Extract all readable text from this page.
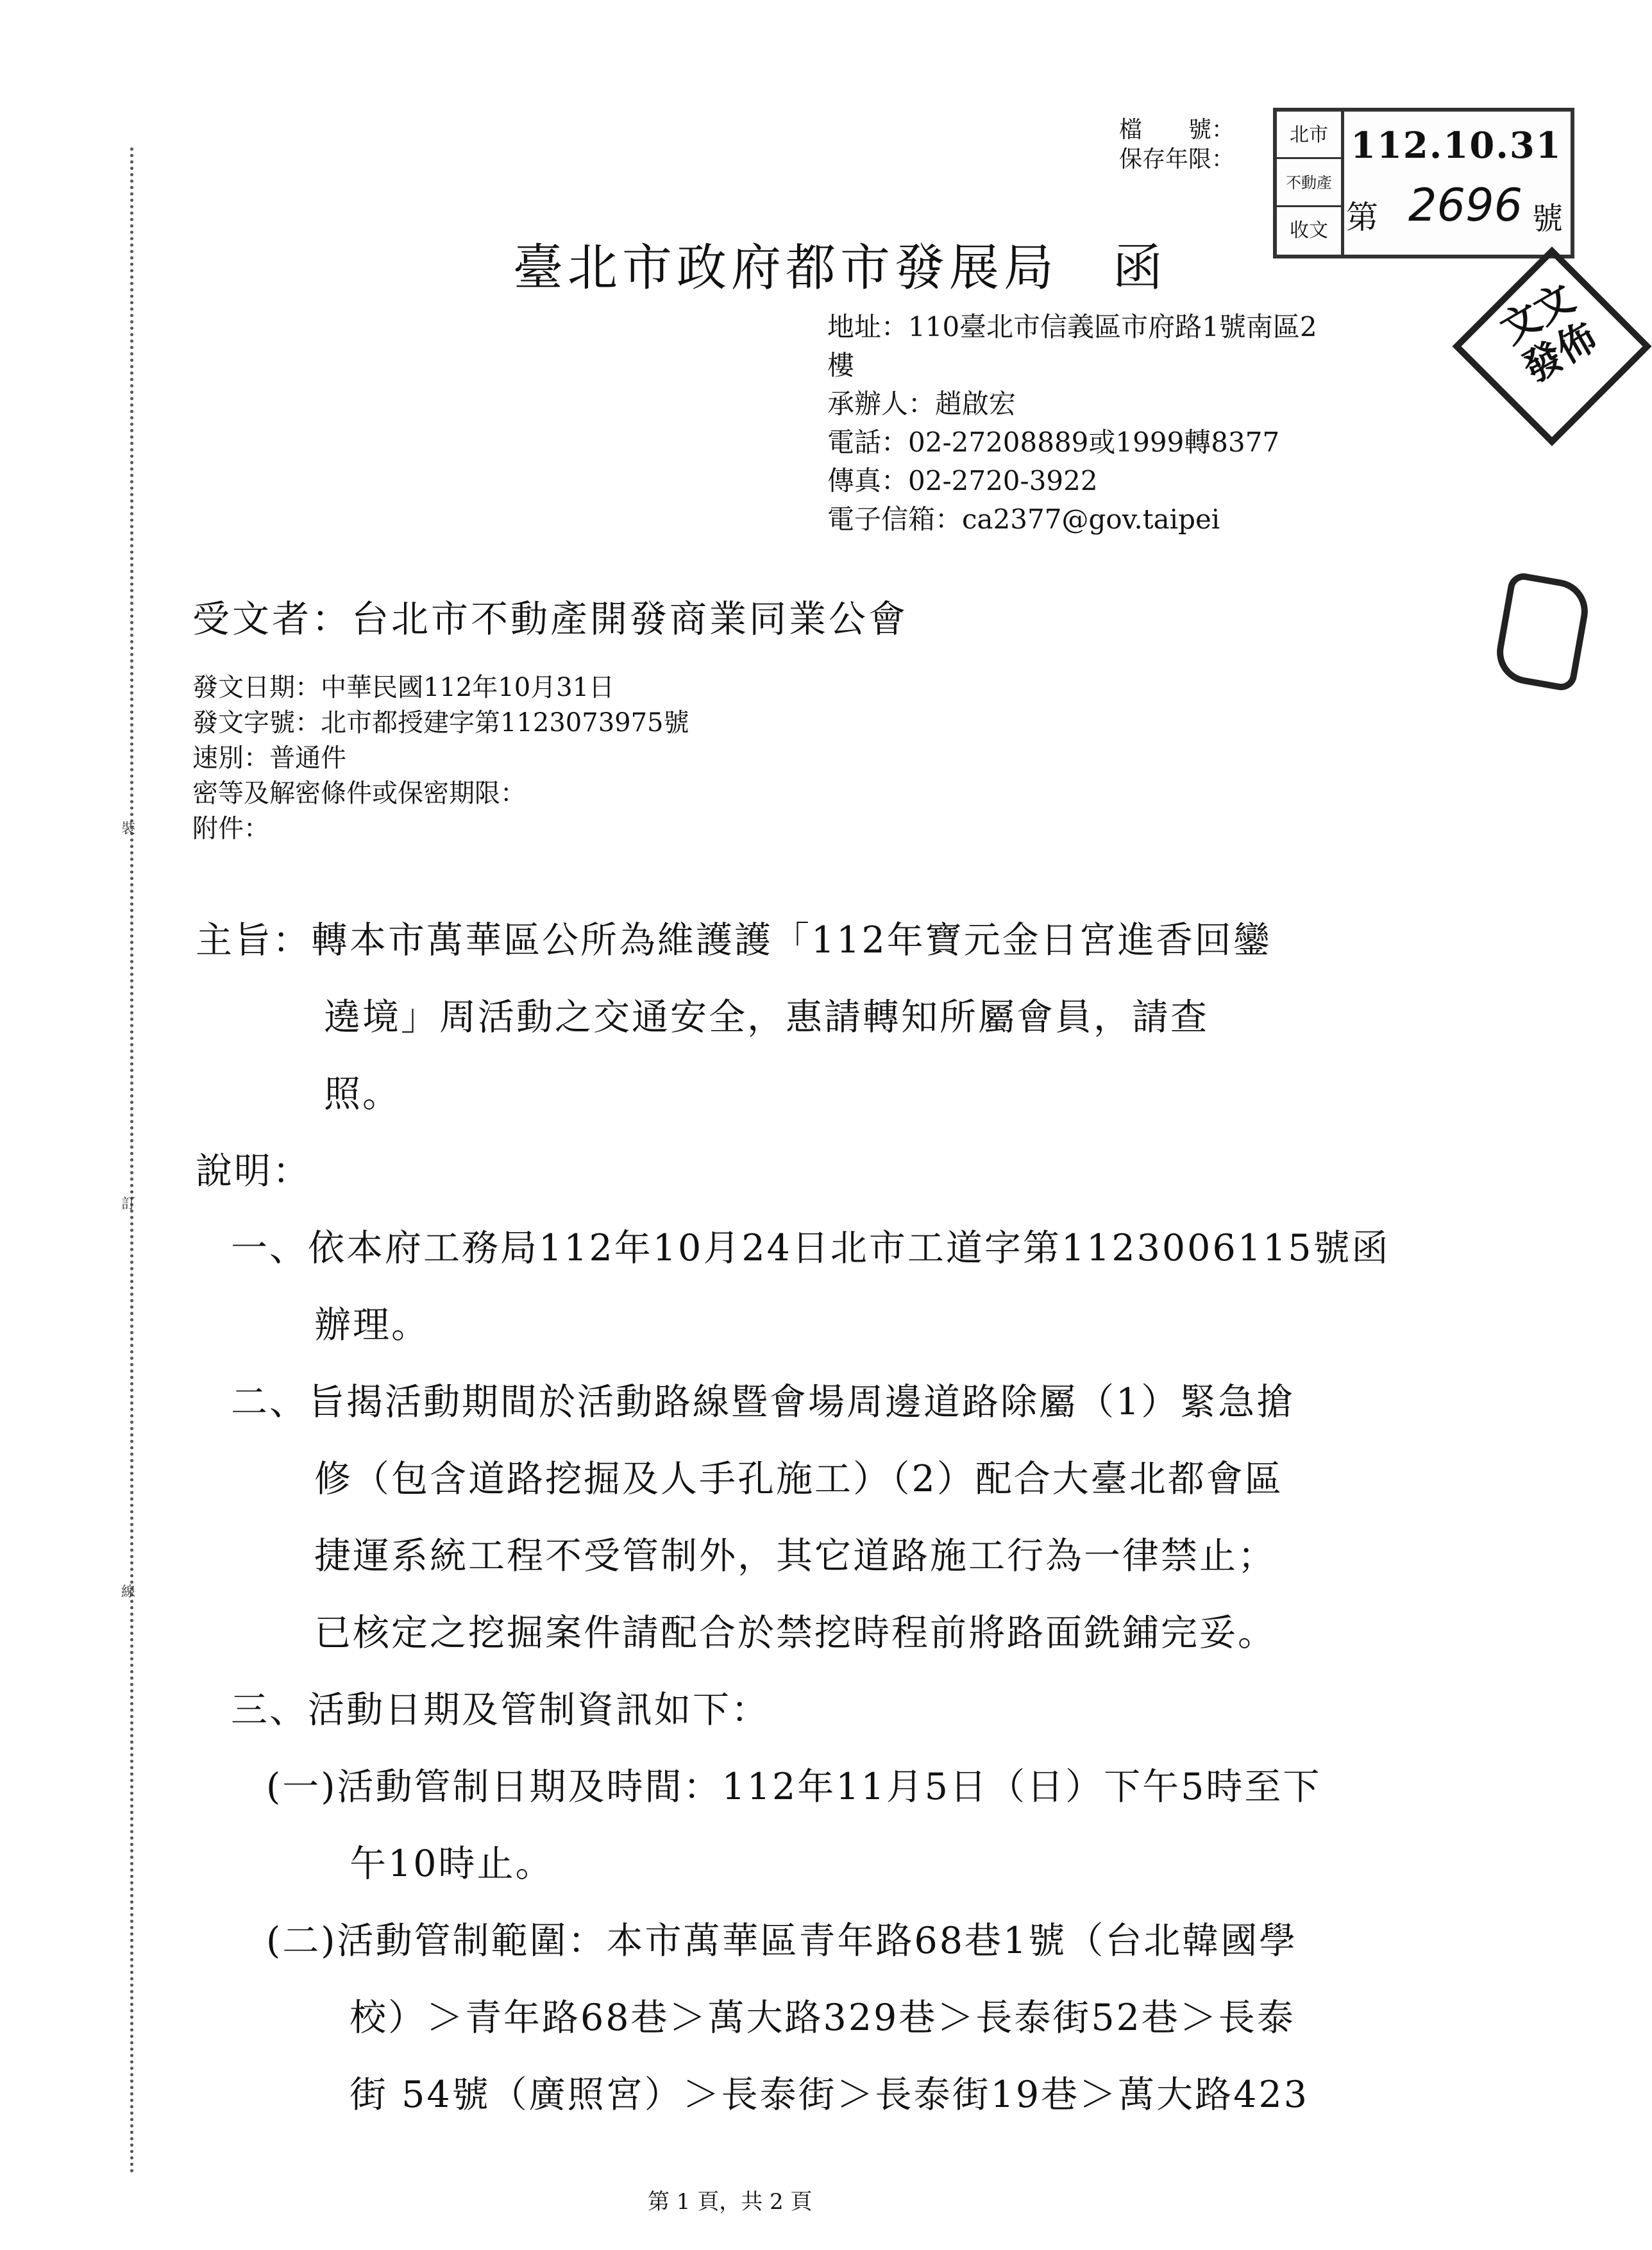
裝
訂
線
檔　　號：
保存年限：
北市
不動產
收文
112.10.31
第 2696 號
文文
發佈
臺北市政府都市發展局　函
地址：110臺北市信義區市府路1號南區2
樓
承辦人：趙啟宏
電話：02-27208889或1999轉8377
傳真：02-2720-3922
電子信箱：ca2377@gov.taipei
受文者：台北市不動產開發商業同業公會
發文日期：中華民國112年10月31日
發文字號：北市都授建字第1123073975號
速別：普通件
密等及解密條件或保密期限：
附件：
主旨：轉本市萬華區公所為維護護「112年寶元金日宮進香回鑾
遶境」周活動之交通安全，惠請轉知所屬會員，請查
照。
說明：
一、依本府工務局112年10月24日北市工道字第1123006115號函
辦理。
二、旨揭活動期間於活動路線暨會場周邊道路除屬（1）緊急搶
修（包含道路挖掘及人手孔施工）（2）配合大臺北都會區
捷運系統工程不受管制外，其它道路施工行為一律禁止；
已核定之挖掘案件請配合於禁挖時程前將路面銑鋪完妥。
三、活動日期及管制資訊如下：
(一)活動管制日期及時間：112年11月5日（日）下午5時至下
午10時止。
(二)活動管制範圍：本市萬華區青年路68巷1號（台北韓國學
校）＞青年路68巷＞萬大路329巷＞長泰街52巷＞長泰
街 54號（廣照宮）＞長泰街＞長泰街19巷＞萬大路423
第 1 頁，共 2 頁
